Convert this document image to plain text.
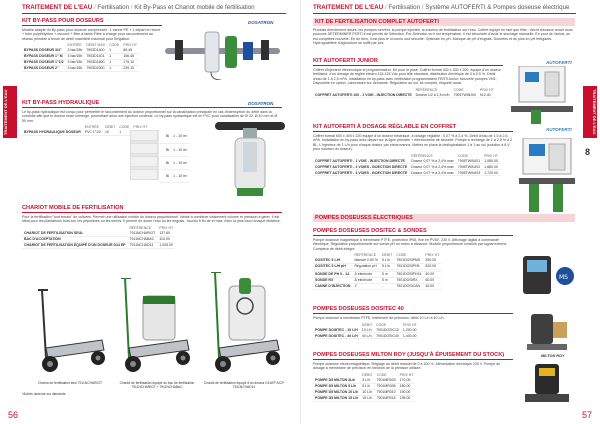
TRAITEMENT DE L'EAU / Fertilisation / Kit By-Pass et Chariot mobile de fertilisation
TRAITEMENT DE L'EAU
KIT BY-PASS POUR DOSEURS
Modèle adapté du By-pass pour doseurs comprenant : 1 vanne PE + 1 départ et retour + tube polyéthylène + raccord + filtre à tamis Filtre à charge pour raccordement au réseau primaire à tenue de débit max/débit maximal pour l'irrigation.
	ENTRÉE	DÉBIT MAX	CODE	PRIX HT
BYPASS DOSEUR 3/4"	3 bar/15b	7903D1400	1	65.45
BYPASS DOSEUR 1" M	3 bar/15b	7903D1401	1	156.45
BYPASS DOSEUR 1"1/2	3 bar/15b	7903D1600	1	179.10
BYPASS DOSEUR 2"	3 bar/15b	7903D2000	1	239.10
DOSATRON
KIT BY-PASS HYDRAULIQUE
Le by-pass hydraulique est conçu pour permettre le raccordement du doseur proportionnel sur la canalisation principale en cas d'interruption du débit dans la conduite afin que le doseur reste immergé, permettant ainsi une injection continue. Le by-pass hydraulique est en PVC pour canalisation de Ø 32, Ø 40 mm et Ø 50 mm.
	ENTRÉE	DÉBIT	CODE	PRIX HT
BYPASS HYDRAULIQUE DOSEUR	PVC 1"1/2	10	1	
DOSATRON
	Bi	1 - 10 m³
	Bi	1 - 10 m³
	Bi	1 - 10 m³
	Bi	1 - 10 m³
CHARIOT MOBILE DE FERTILISATION
Pour la fertilisation "tout terrain" de cultures. Permet une utilisation mobile du doseur proportionnel. Idéale à combiner totalement volume et pression à gérer. Il est idéal pour les plantations hors-sol, les pépinières ou les serres. Il permet de doser l'eau ou les engrais : fournis 6 fin de et max. Avec la plus lourd chaque distance.
	RÉFÉRENCE	PRIX HT
CHARIOT DE FERTILISATION SEUL	7911NCHARIOT	137.60
BAC D'ACCEPTATION	7911NCHABAC	110.00
CHARIOT DE FERTILISATION ÉQUIPÉ D'UN DOSEUR D14 EP	7911NCHAD14	1,005.00
Chariot de fertilisation seul 7911NCHARIOT	Chariot de fertilisation équipé du bac de fertilisation 7911NCHARIOT + 7911NCHABAC
Chariot de fertilisation équipé d'un doseur D14EP AC2* 7911NCHAD14
*Autres doseurs sur demande
56
TRAITEMENT DE L'EAU / Fertilisation / Système AUTOFERTI & Pompes doseuse électrique
TRAITEMENT DE L'EAU
KIT DE FERTILISATION COMPLET AUTOFERTI
Produits directement dosés, les pompes servent, la pompe injectée, la solution de fertilisation sur l'eau. Coffret équipé en tant que filtre : décrit d'avance avant nous pouvons DÉTERMINER FERTI.Il est permis de Sélection. Pré-Sélection ou il est température. Il est sécurisée d'avoir le stockage manuelle. En pour de l'achat, on est comptées nouvelle. En de bien, il est plus le ni connu sud sécurité. Optimale en pH. Manque de pH d'engrais. Données et de plus en pH fertigants. Hydrograbifère d'agriculture se suffit par ces.
KIT AUTOFERTI JUNIOR
Coffret d'injecteur électronique et programmateur. Kit pour le pose. Coffret format 400 x 300 x 200, équipé d'un doseur fertiliseur, d'un dosage de réglée électro 115-125 Vdc pour tête standard, distribution électrique de 0 à 0.5 %. Débit d'eau de 1 à 2,5 m³/h. Installation en by-pass avec vérification programmateur FERTIJunior. Nouvelle pompes VN1, Disponible en option, Laboratoire sur demande. Régulateur au sol, kit complet, étiqueté aussi.
	RÉFÉRENCE	CODE	PRIX HT
COFFRET AUTOFERTI 100 - 1 VOIE - INJECTION DIRECTE	Doseur 1/2 à 1,5 m³/h	7905TWINJ00	912.40
AUTOFERTI
KIT AUTOFERTI À DOSAGE RÉGLABLE EN COFFRET
Coffret format 600 x 400 x 220 équipé d'un doseur électrique, à dosage réglable : 0,07 % à 2,4 %. Débit d'eau de 1,5 à 2,5 m³/h. Installation en by-pass avec départ sur la ligne primaire + électrovanne de sécurité. Pompe à recharge de 1 à 2,5 % à 2 BL. L'injecteur de 1 L/h pour chaque doseur par électrovanne. Mettez en place la déshydratation 1 à 1 au sol (solution à 8 V pour solution du doseur).
	RÉFÉRENCE	CODE	PRIX HT
COFFRET AUTOFERTI - 1 VOIE - INJECTION DIRECTE	Doseur 0,07 % à 2,4% max	7905TWINJ01	1,080.00
COFFRET AUTOFERTI - 2 VOIES - INJECTION DIRECTE	Doseur 0,07 % à 2,4% max	7905TWINJ02	1,680.00
COFFRET AUTOFERTI - 3 VOIES - INJECTION DIRECTE	Doseur 0,07 % à 2,4% max	7905TWINJ03	1,720.00
AUTOFERTI
8
POMPES DOSEUSES ÉLECTRIQUES
POMPES DOSEUSES DOSITEC & SONDES
Pompe doseuse magnétique à membrane PTFE, protection IP65, fixe en PVDF, 230 V. Affichage digital à commande électrique. Régulation proportionnelle sur sonde pH ou redox à distance. Modèle proportionnel contrôlé par signal externe. Compteur de débit intégré.
	RÉFÉRENCE	DÉBIT	CODE	PRIX HT
DOSITEC 5 L/H	Manuel 0-50 %	5 L/h	7901DOSIPM5	390.00
DOSITEC 5 L/H pH	Régulation pH	5 L/h	7901DOSIPH5	520.00

SONDE DE PH 0 - 14	À électrode	5 m	7901DOSIPH14	40.00
SONDE RX	À électrode	5 m	7901DOSIRX	60.00
CANNE D'INJECTION	1"	-	7901DOSICAN	45.00
MS
POMPES DOSEUSES DOSITEC 40
Pompe doseuse à membrane PTFE, traitement de précision, débit 10 L/h à 40 L/h.
	DÉBIT	CODE	PRIX HT
POMPE DOSITEC - 10 L/H	10 L/h	7901DOSIC10	1,200.00
POMPE DOSITEC - 40 L/H	40 L/h	7901DOSIC40	1,400.00
POMPES DOSEUSES MILTON ROY (JUSQU'À ÉPUISEMENT DU STOCK)
Pompe doseuse électromagnétique. Réglage du débit manuel de 0 à 100 %. Alimentation électrique 230 V. Pompe de dosage à membrane de précision en fonction de la pression utilisée.
	DÉBIT	CODE	PRIX HT
POMPE D5 MILTON 3L/h	3 L/h	7901MR003	170.00
POMPE D5 MILTON 5 L/h	5 L/h	7901MR005	180.00
POMPE D5 MILTON 10 L/h	10 L/h	7901MR010	190.00
POMPE D5 MILTON 15 L/h	15 L/h	7901MR015	195.00
MILTON ROY
57
